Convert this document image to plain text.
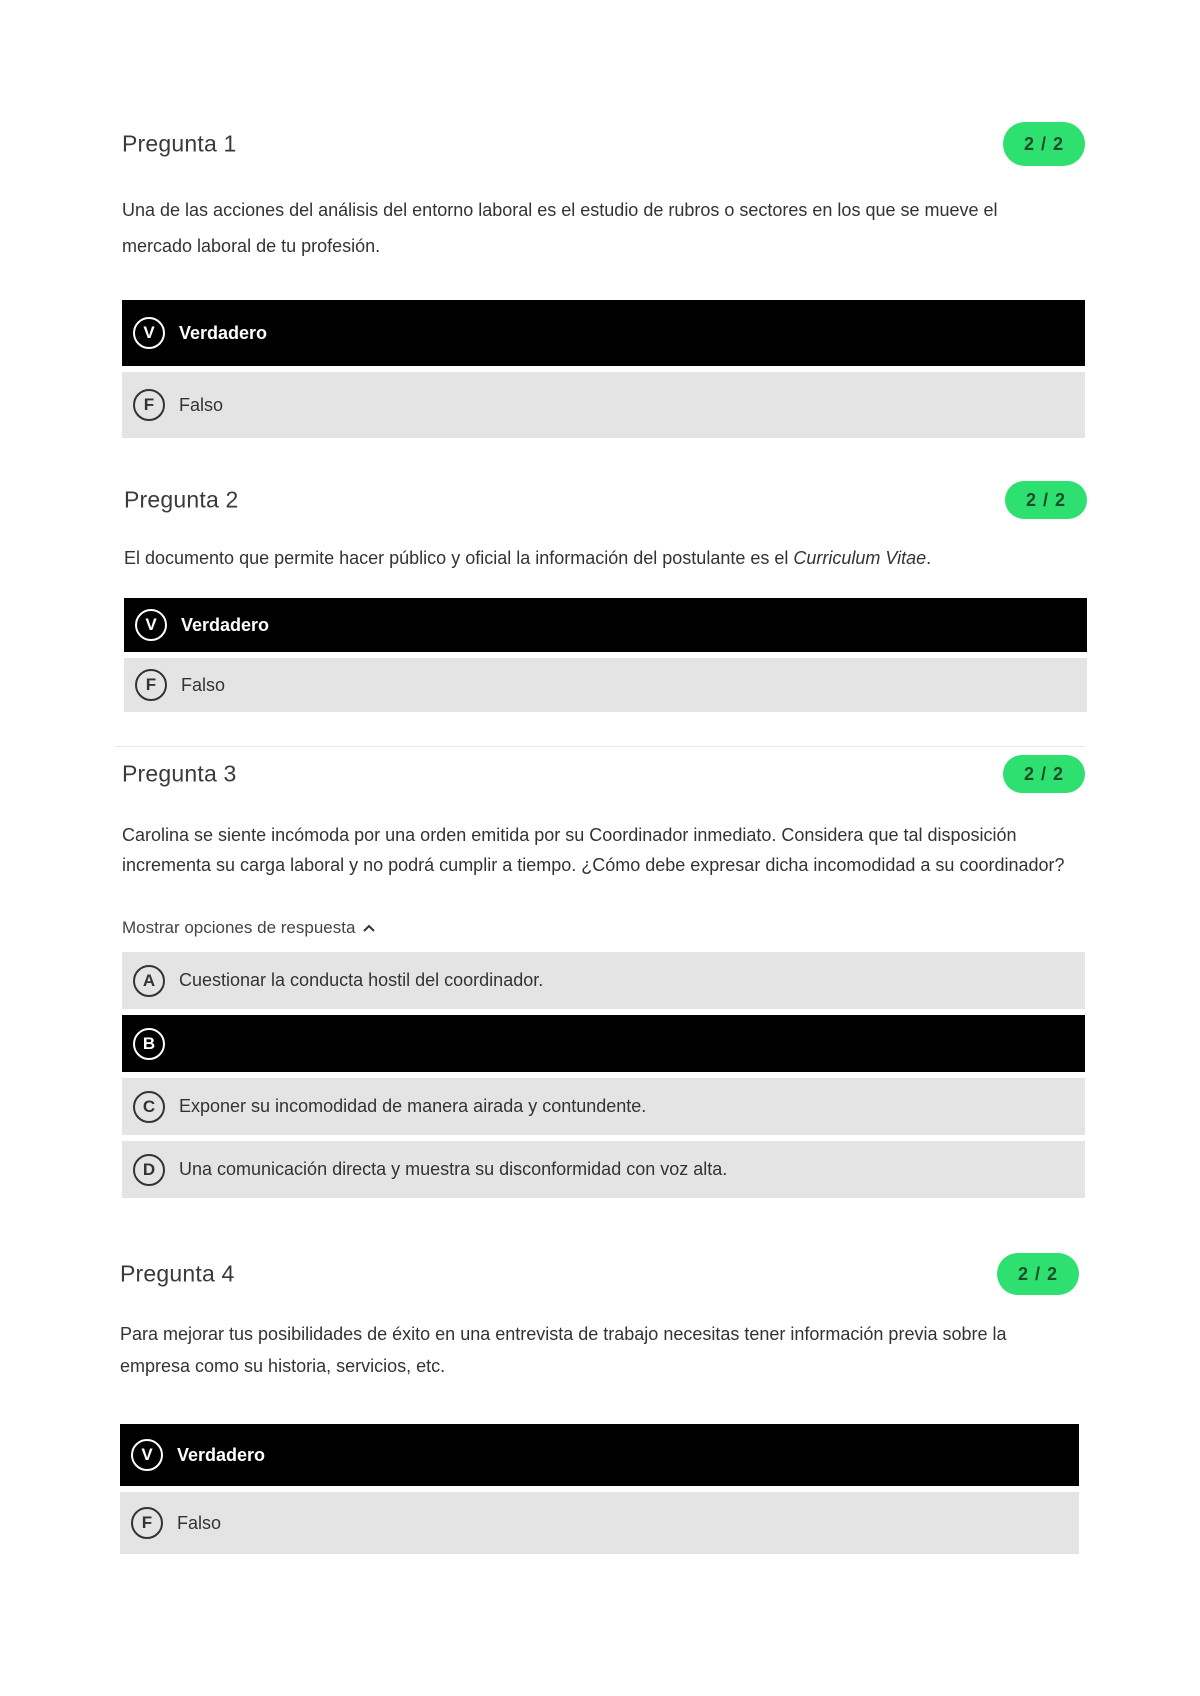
Pregunta 1	2 / 2
Una de las acciones del análisis del entorno laboral es el estudio de rubros o sectores en los que se mueve el mercado laboral de tu profesión.
V	Verdadero
F	Falso
Pregunta 2	2 / 2
El documento que permite hacer público y oficial la información del postulante es el Curriculum Vitae.
V	Verdadero
F	Falso
Pregunta 3	2 / 2
Carolina se siente incómoda por una orden emitida por su Coordinador inmediato. Considera que tal disposición
incrementa su carga laboral y no podrá cumplir a tiempo. ¿Cómo debe expresar dicha incomodidad a su coordinador?
Mostrar opciones de respuesta
A	Cuestionar la conducta hostil del coordinador.
B
C	Exponer su incomodidad de manera airada y contundente.
D	Una comunicación directa y muestra su disconformidad con voz alta.
Pregunta 4	2 / 2
Para mejorar tus posibilidades de éxito en una entrevista de trabajo necesitas tener información previa sobre la empresa como su historia, servicios, etc.
V	Verdadero
F	Falso
